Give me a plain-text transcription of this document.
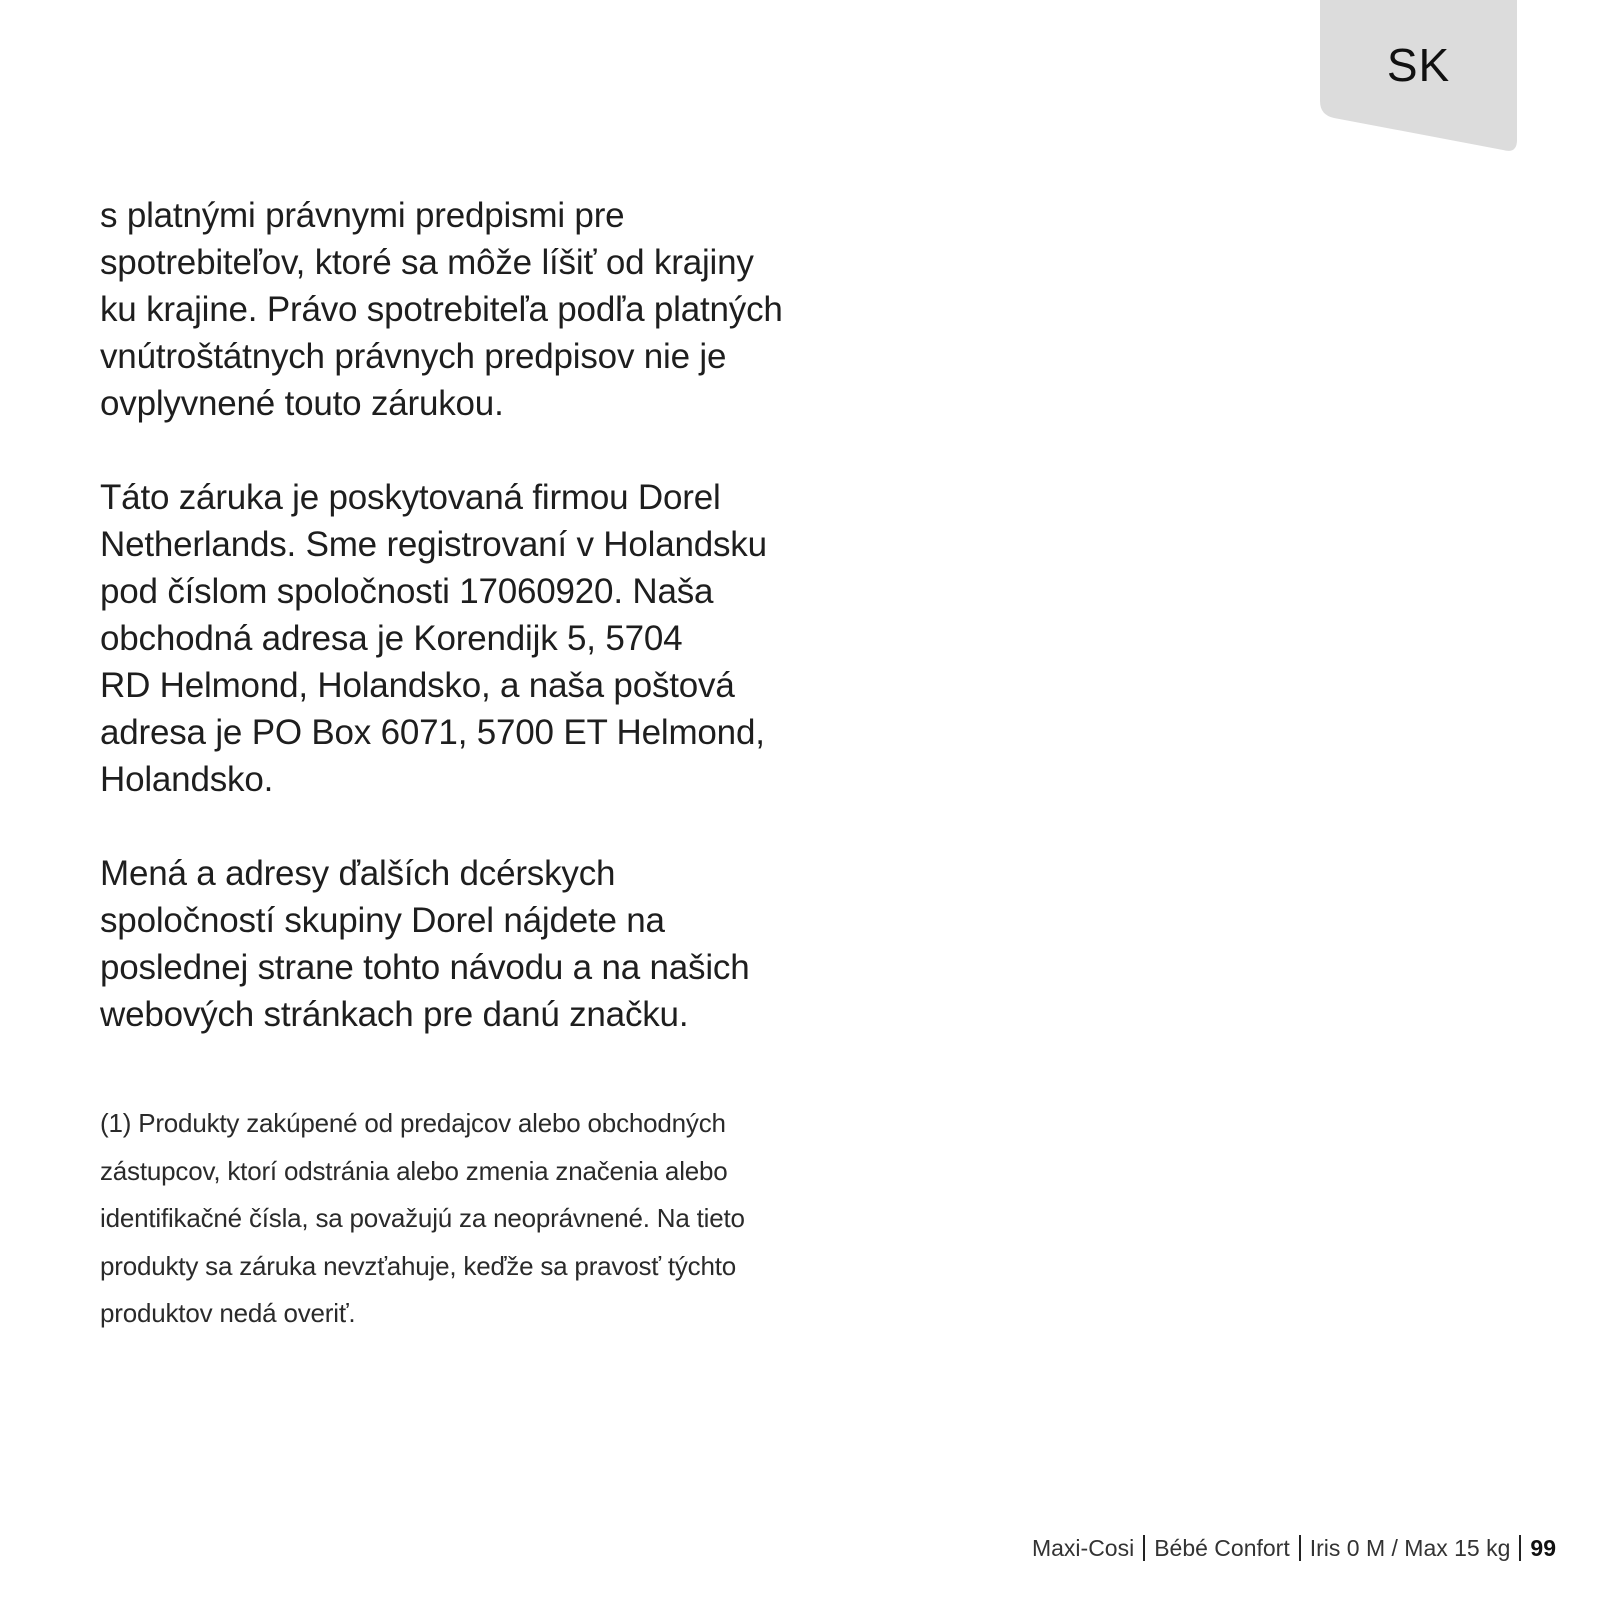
SK
s platnými právnymi predpismi pre
spotrebiteľov, ktoré sa môže líšiť od krajiny
ku krajine. Právo spotrebiteľa podľa platných
vnútroštátnych právnych predpisov nie je
ovplyvnené touto zárukou.
Táto záruka je poskytovaná firmou Dorel
Netherlands. Sme registrovaní v Holandsku
pod číslom spoločnosti 17060920. Naša
obchodná adresa je Korendijk 5, 5704
RD Helmond, Holandsko, a naša poštová
adresa je PO Box 6071, 5700 ET Helmond,
Holandsko.
Mená a adresy ďalších dcérskych
spoločností skupiny Dorel nájdete na
poslednej strane tohto návodu a na našich
webových stránkach pre danú značku.
(1) Produkty zakúpené od predajcov alebo obchodných
zástupcov, ktorí odstránia alebo zmenia značenia alebo
identifikačné čísla, sa považujú za neoprávnené. Na tieto
produkty sa záruka nevzťahuje, keďže sa pravosť týchto
produktov nedá overiť.
Maxi-Cosi Bébé Confort Iris 0 M / Max 15 kg 99
